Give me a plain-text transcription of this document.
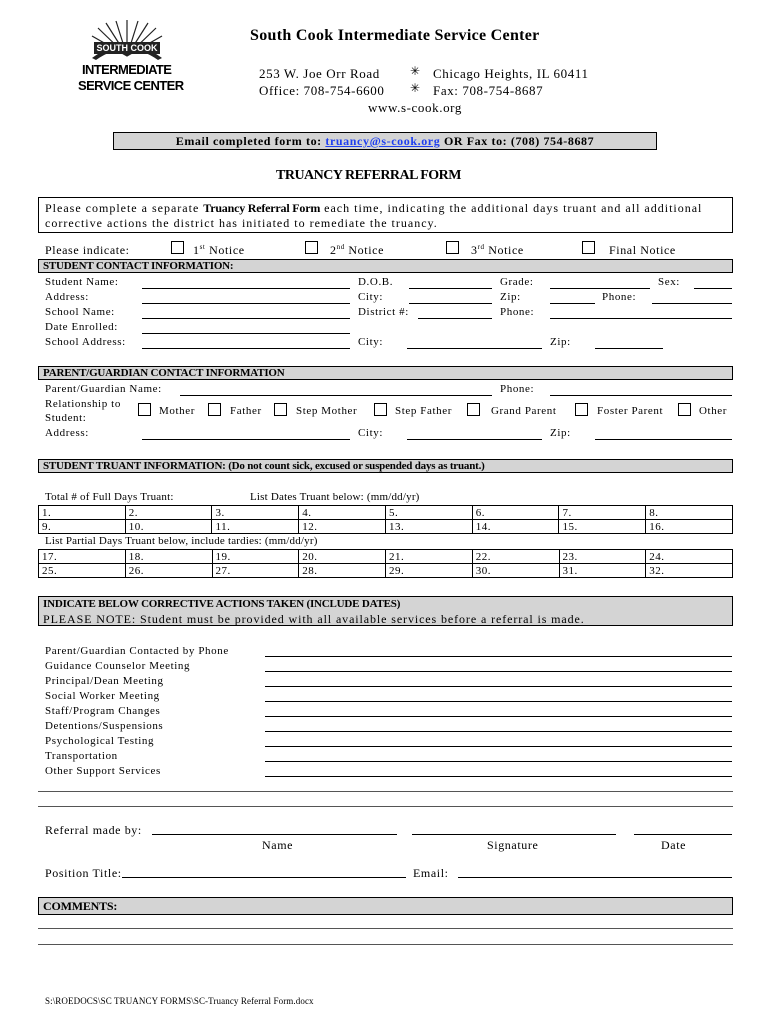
SOUTH COOK
INTERMEDIATE
SERVICE CENTER
South Cook Intermediate Service Center
253 W. Joe Orr Road	✳ Chicago Heights, IL 60411
Office: 708-754-6600 ✳ Fax: 708-754-8687
www.s-cook.org
Email completed form to: truancy@s-cook.org OR Fax to: (708) 754-8687
TRUANCY REFERRAL FORM
Please complete a separate Truancy Referral Form each time, indicating the additional days truant and all additional corrective actions the district has initiated to remediate the truancy.
Please indicate:	1st Notice	2nd Notice	3rd Notice	Final Notice
STUDENT CONTACT INFORMATION:
Student Name:	D.O.B.	Grade:	Sex:
Address:	City:	Zip:	Phone:
School Name:	District #:	Phone:
Date Enrolled:
School Address:	City:	Zip:
PARENT/GUARDIAN CONTACT INFORMATION
Parent/Guardian Name:	Phone:
Relationship to
Student:
Mother	Father	Step Mother	Step Father	Grand Parent	Foster Parent	Other
Address:	City:	Zip:
STUDENT TRUANT INFORMATION: (Do not count sick, excused or suspended days as truant.)
Total # of Full Days Truant:	List Dates Truant below: (mm/dd/yr)
1.	2.	3.	4.	5.	6.	7.	8.
9.	10.	11.	12.	13.	14.	15.	16.
List Partial Days Truant below, include tardies: (mm/dd/yr)
17.	18.	19.	20.	21.	22.	23.	24.
25.	26.	27.	28.	29.	30.	31.	32.
INDICATE BELOW CORRECTIVE ACTIONS TAKEN (INCLUDE DATES)
PLEASE NOTE: Student must be provided with all available services before a referral is made.
Parent/Guardian Contacted by Phone
Guidance Counselor Meeting
Principal/Dean Meeting
Social Worker Meeting
Staff/Program Changes
Detentions/Suspensions
Psychological Testing
Transportation
Other Support Services
Referral made by:
Name	Signature	Date
Position Title:	Email:
COMMENTS:
S:\ROEDOCS\SC TRUANCY FORMS\SC-Truancy Referral Form.docx
